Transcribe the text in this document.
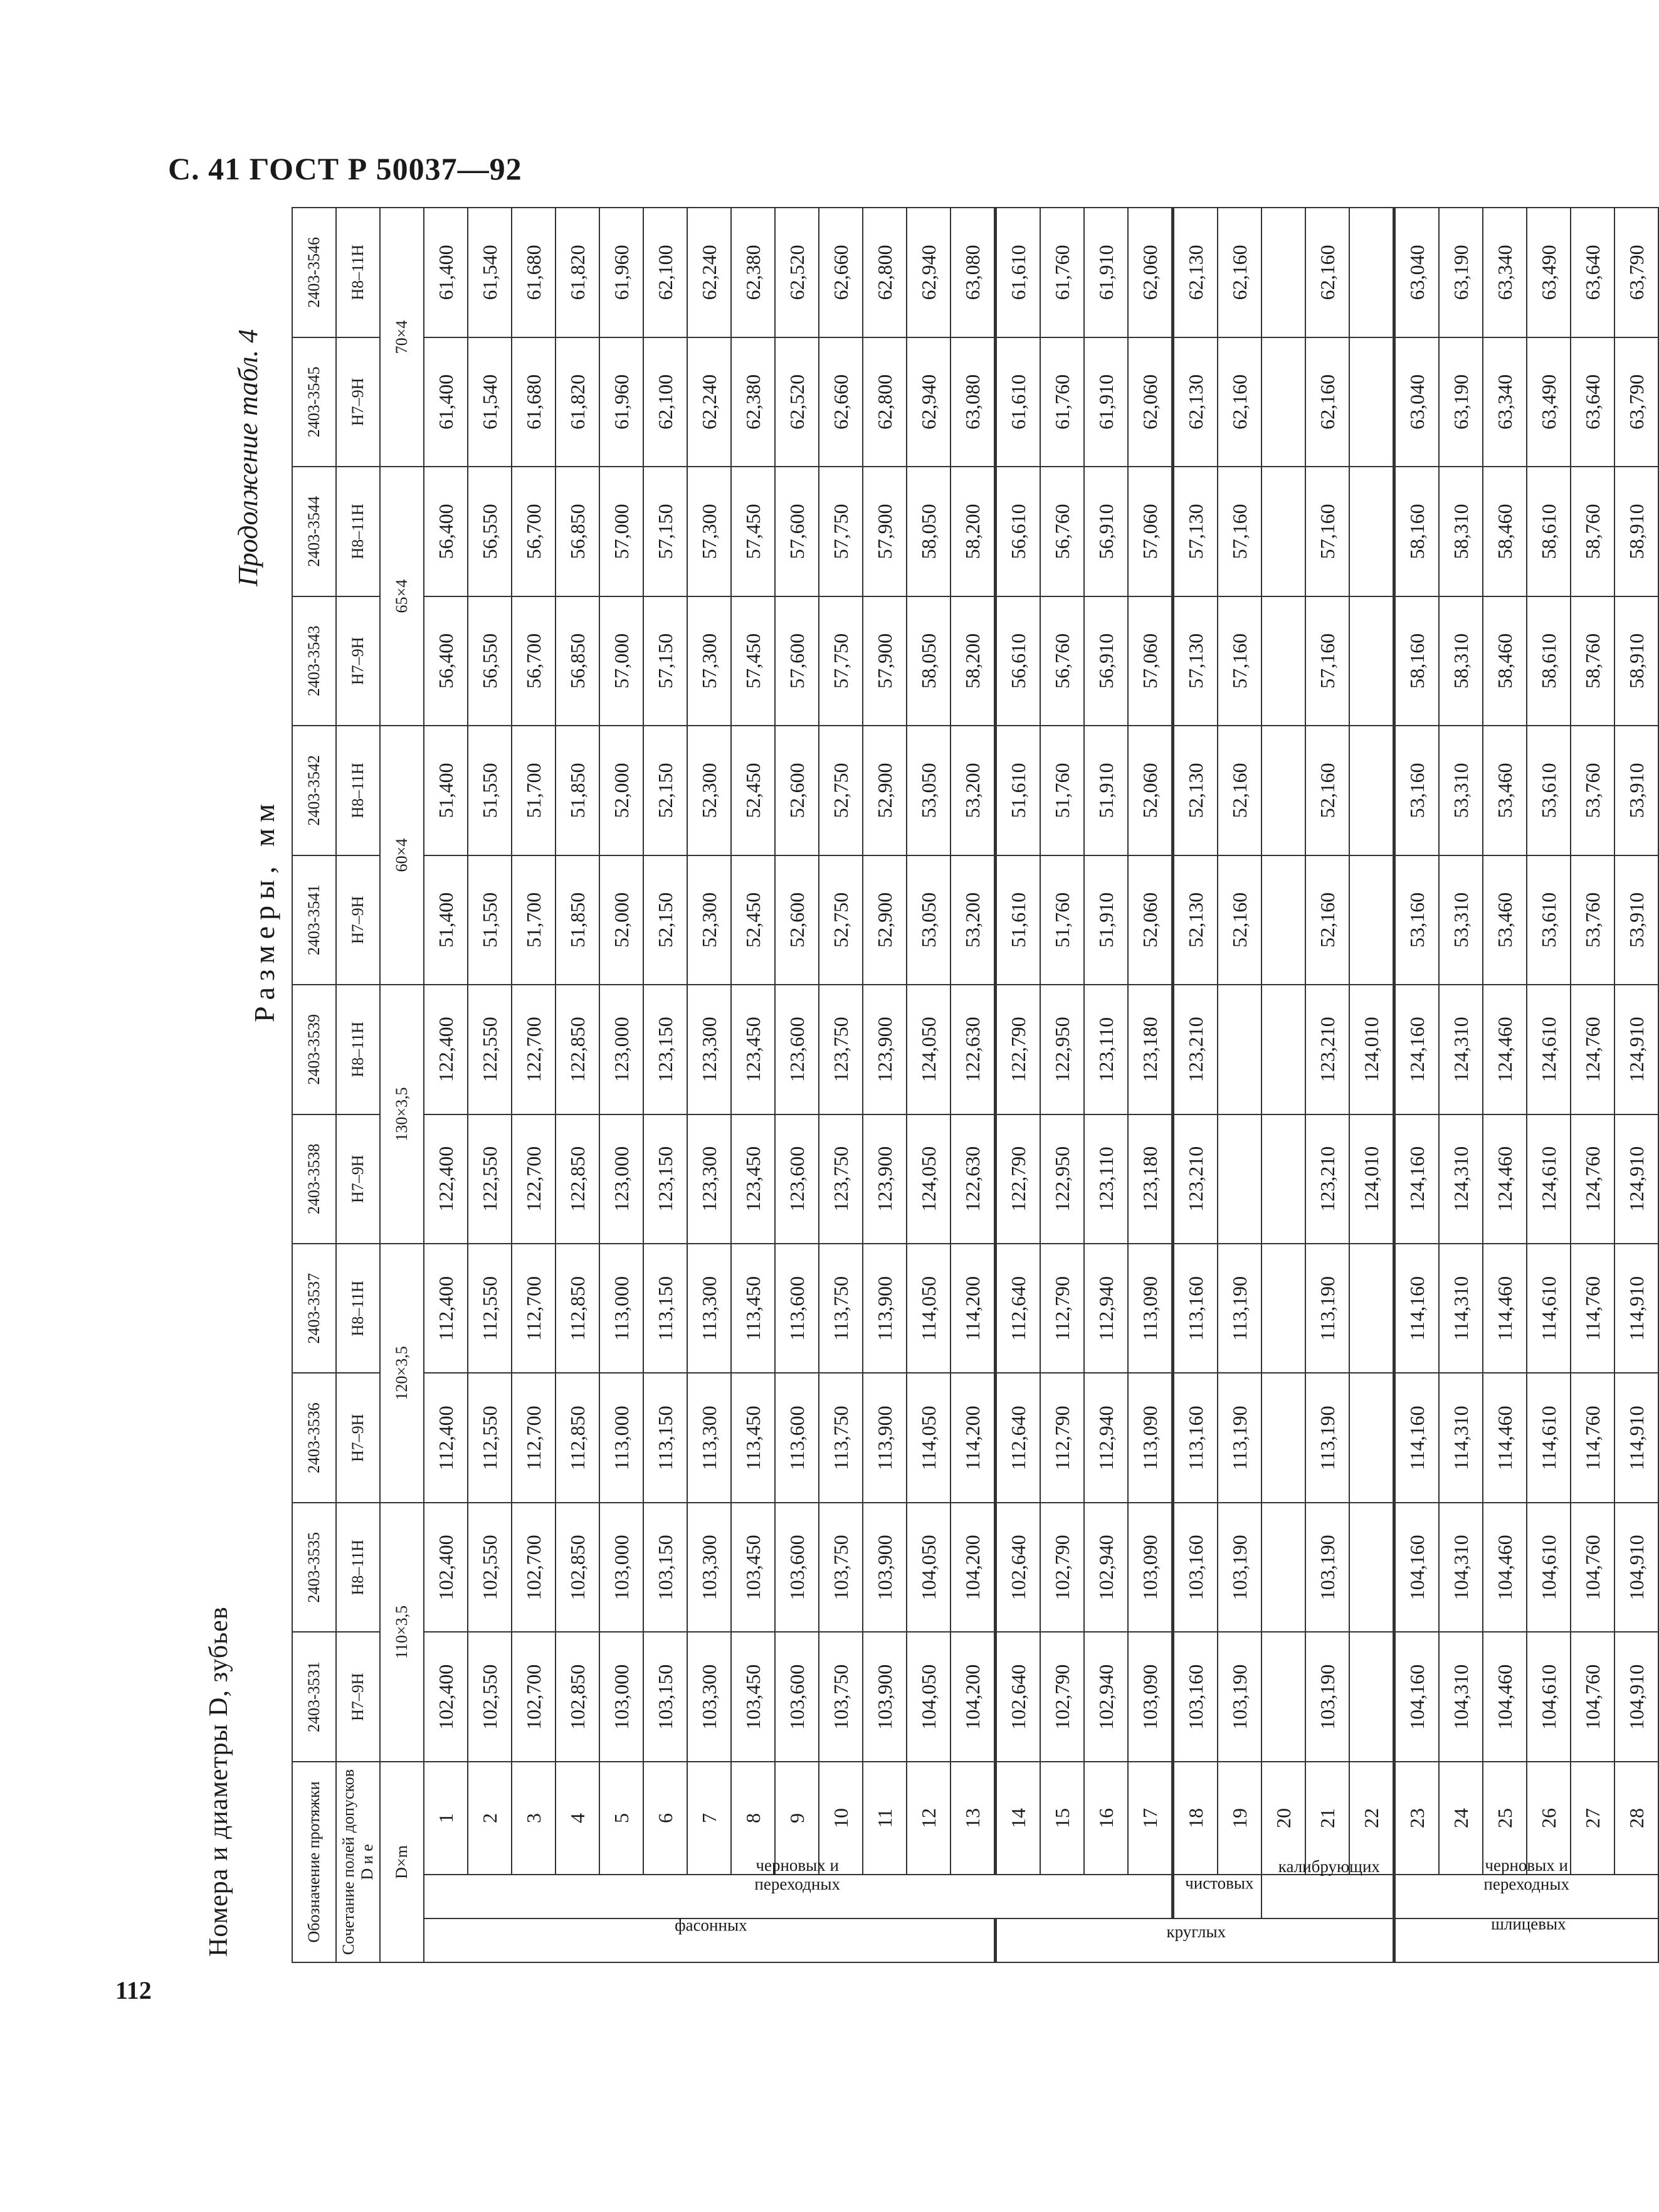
С. 41 ГОСТ Р 50037—92
112
Номера и диаметры D, зубьев
Размеры, мм
Продолжение табл. 4
Обозначение протяжки			2403-3531	2403-3535	2403-3536	2403-3537	2403-3538	2403-3539	2403-3541	2403-3542	2403-3543	2403-3544	2403-3545	2403-3546
Сочетание полей допусков D и e			H7–9H	H8–11H	H7–9H	H8–11H	H7–9H	H8–11H	H7–9H	H8–11H	H7–9H	H8–11H	H7–9H	H8–11H
D×m			110×3,5		120×3,5		130×3,5		60×4		65×4		70×4	
фасонных	черновых и переходных	1	102,400	102,400	112,400	112,400	122,400	122,400	51,400	51,400	56,400	56,400	61,400	61,400
		2	102,550	102,550	112,550	112,550	122,550	122,550	51,550	51,550	56,550	56,550	61,540	61,540
		3	102,700	102,700	112,700	112,700	122,700	122,700	51,700	51,700	56,700	56,700	61,680	61,680
		4	102,850	102,850	112,850	112,850	122,850	122,850	51,850	51,850	56,850	56,850	61,820	61,820
		5	103,000	103,000	113,000	113,000	123,000	123,000	52,000	52,000	57,000	57,000	61,960	61,960
		6	103,150	103,150	113,150	113,150	123,150	123,150	52,150	52,150	57,150	57,150	62,100	62,100
		7	103,300	103,300	113,300	113,300	123,300	123,300	52,300	52,300	57,300	57,300	62,240	62,240
		8	103,450	103,450	113,450	113,450	123,450	123,450	52,450	52,450	57,450	57,450	62,380	62,380
		9	103,600	103,600	113,600	113,600	123,600	123,600	52,600	52,600	57,600	57,600	62,520	62,520
		10	103,750	103,750	113,750	113,750	123,750	123,750	52,750	52,750	57,750	57,750	62,660	62,660
		11	103,900	103,900	113,900	113,900	123,900	123,900	52,900	52,900	57,900	57,900	62,800	62,800
		12	104,050	104,050	114,050	114,050	124,050	124,050	53,050	53,050	58,050	58,050	62,940	62,940
		13	104,200	104,200	114,200	114,200	122,630	122,630	53,200	53,200	58,200	58,200	63,080	63,080
круглых		14	102,640	102,640	112,640	112,640	122,790	122,790	51,610	51,610	56,610	56,610	61,610	61,610
		15	102,790	102,790	112,790	112,790	122,950	122,950	51,760	51,760	56,760	56,760	61,760	61,760
		16	102,940	102,940	112,940	112,940	123,110	123,110	51,910	51,910	56,910	56,910	61,910	61,910
		17	103,090	103,090	113,090	113,090	123,180	123,180	52,060	52,060	57,060	57,060	62,060	62,060
	чистовых	18	103,160	103,160	113,160	113,160	123,210	123,210	52,130	52,130	57,130	57,130	62,130	62,130
		19	103,190	103,190	113,190	113,190			52,160	52,160	57,160	57,160	62,160	62,160
	калибрующих	20												
		21	103,190	103,190	113,190	113,190	123,210	123,210	52,160	52,160	57,160	57,160	62,160	62,160
		22					124,010	124,010						
шлицевых	черновых и переходных	23	104,160	104,160	114,160	114,160	124,160	124,160	53,160	53,160	58,160	58,160	63,040	63,040
		24	104,310	104,310	114,310	114,310	124,310	124,310	53,310	53,310	58,310	58,310	63,190	63,190
		25	104,460	104,460	114,460	114,460	124,460	124,460	53,460	53,460	58,460	58,460	63,340	63,340
		26	104,610	104,610	114,610	114,610	124,610	124,610	53,610	53,610	58,610	58,610	63,490	63,490
		27	104,760	104,760	114,760	114,760	124,760	124,760	53,760	53,760	58,760	58,760	63,640	63,640
		28	104,910	104,910	114,910	114,910	124,910	124,910	53,910	53,910	58,910	58,910	63,790	63,790
